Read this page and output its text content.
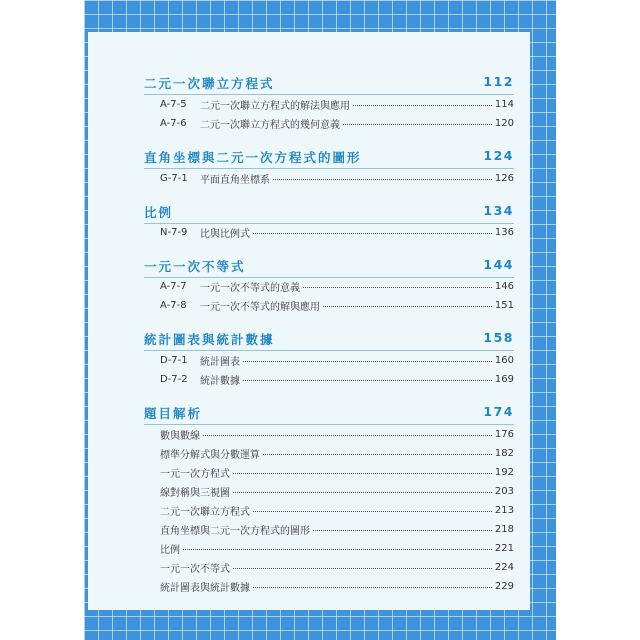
二元一次聯立方程式	112
A-7-5	二元一次聯立方程式的解法與應用	114
A-7-6	二元一次聯立方程式的幾何意義	120
直角坐標與二元一次方程式的圖形	124
G-7-1	平面直角坐標系	126
比例	134
N-7-9	比與比例式	136
一元一次不等式	144
A-7-7	一元一次不等式的意義	146
A-7-8	一元一次不等式的解與應用	151
統計圖表與統計數據	158
D-7-1	統計圖表	160
D-7-2	統計數據	169
題目解析	174
數與數線	176
標準分解式與分數運算	182
一元一次方程式	192
線對稱與三視圖	203
二元一次聯立方程式	213
直角坐標與二元一次方程式的圖形	218
比例	221
一元一次不等式	224
統計圖表與統計數據	229
